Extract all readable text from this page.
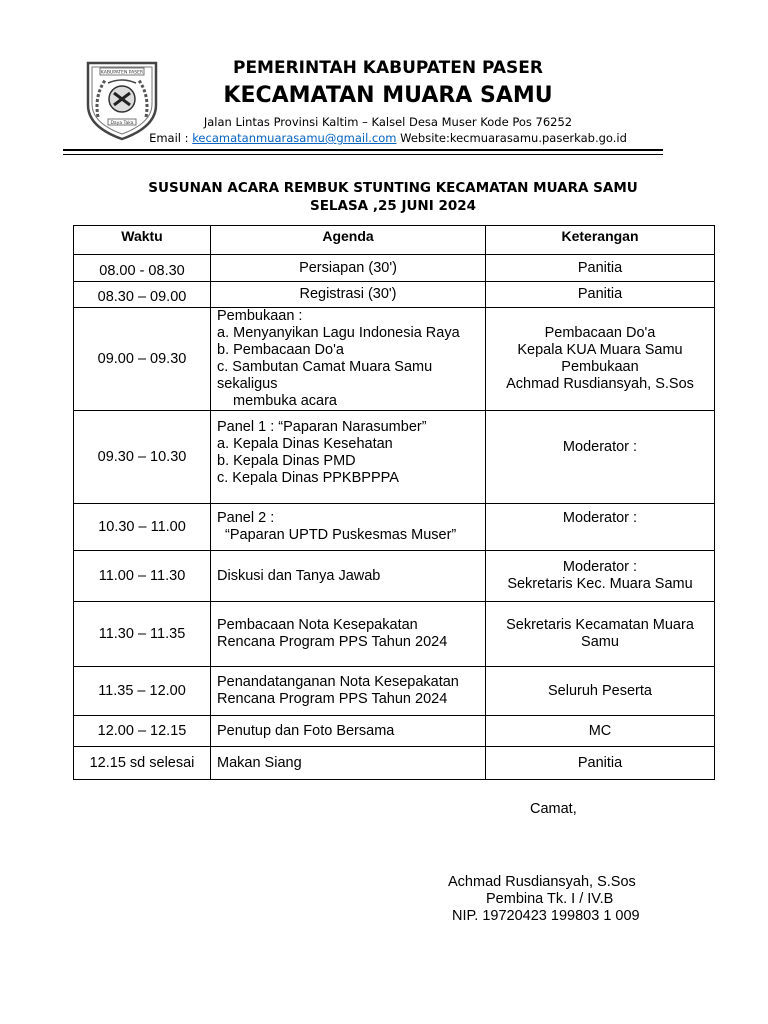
KABUPATEN PASER
Daya Taka
PEMERINTAH KABUPATEN PASER
KECAMATAN MUARA SAMU
Jalan Lintas Provinsi Kaltim – Kalsel Desa Muser Kode Pos 76252
Email : kecamatanmuarasamu@gmail.com Website:kecmuarasamu.paserkab.go.id
SUSUNAN ACARA REMBUK STUNTING KECAMATAN MUARA SAMU
SELASA ,25 JUNI 2024
Waktu	Agenda	Keterangan
08.00 - 08.30	Persiapan (30')	Panitia

08.30 – 09.00	Registrasi (30')	Panitia

09.00 – 09.30	Pembukaan :
a. Menyanyikan Lagu Indonesia Raya
b. Pembacaan Do'a
c. Sambutan Camat Muara Samu sekaligus
membuka acara	Pembacaan Do'a
Kepala KUA Muara Samu
Pembukaan
Achmad Rusdiansyah, S.Sos

09.30 – 10.30	Panel 1 : “Paparan Narasumber”
a. Kepala Dinas Kesehatan
b. Kepala Dinas PMD
c. Kepala Dinas PPKBPPPA	Moderator :

10.30 – 11.00	Panel 2 :
“Paparan UPTD Puskesmas Muser”	Moderator :

11.00 – 11.30	Diskusi dan Tanya Jawab	Moderator :
Sekretaris Kec. Muara Samu

11.30 – 11.35	Pembacaan Nota Kesepakatan
Rencana Program PPS Tahun 2024	Sekretaris Kecamatan Muara
Samu

11.35 – 12.00	Penandatanganan Nota Kesepakatan
Rencana Program PPS Tahun 2024	Seluruh Peserta

12.00 – 12.15	Penutup dan Foto Bersama	MC

12.15 sd selesai	Makan Siang	Panitia
Camat,
Achmad Rusdiansyah, S.Sos
Pembina Tk. I / IV.B
NIP. 19720423 199803 1 009
